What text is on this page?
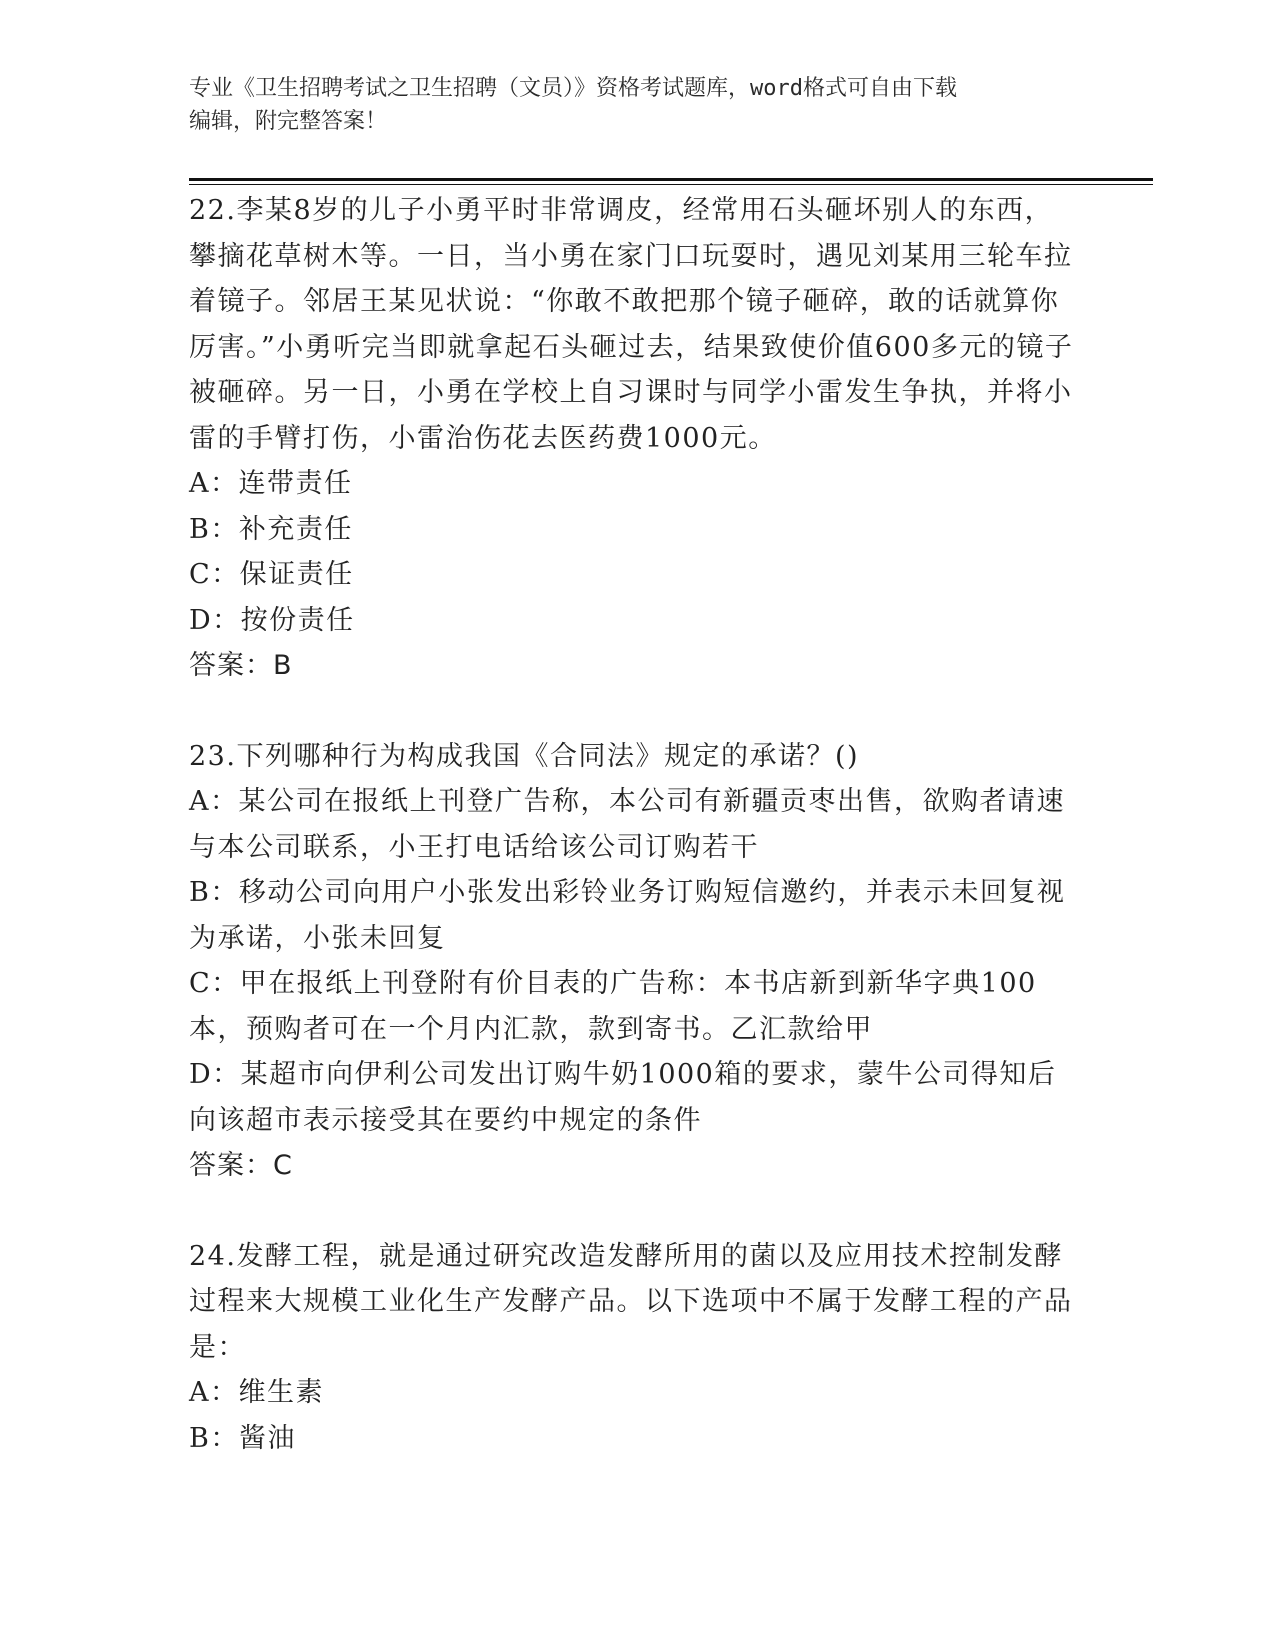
专业《卫生招聘考试之卫生招聘（文员）》资格考试题库，word格式可自由下载
编辑，附完整答案！

22.李某8岁的儿子小勇平时非常调皮，经常用石头砸坏别人的东西，攀摘花草树木等。一日，当小勇在家门口玩耍时，遇见刘某用三轮车拉着镜子。邻居王某见状说：“你敢不敢把那个镜子砸碎，敢的话就算你厉害。”小勇听完当即就拿起石头砸过去，结果致使价值600多元的镜子被砸碎。另一日，小勇在学校上自习课时与同学小雷发生争执，并将小雷的手臂打伤，小雷治伤花去医药费1000元。

A：连带责任

B：补充责任

C：保证责任

D：按份责任

答案：B

23.下列哪种行为构成我国《合同法》规定的承诺？()

A：某公司在报纸上刊登广告称，本公司有新疆贡枣出售，欲购者请速与本公司联系，小王打电话给该公司订购若干

B：移动公司向用户小张发出彩铃业务订购短信邀约，并表示未回复视为承诺，小张未回复

C：甲在报纸上刊登附有价目表的广告称：本书店新到新华字典100本，预购者可在一个月内汇款，款到寄书。乙汇款给甲

D：某超市向伊利公司发出订购牛奶1000箱的要求，蒙牛公司得知后向该超市表示接受其在要约中规定的条件

答案：C

24.发酵工程，就是通过研究改造发酵所用的菌以及应用技术控制发酵过程来大规模工业化生产发酵产品。以下选项中不属于发酵工程的产品是：

A：维生素

B：酱油
